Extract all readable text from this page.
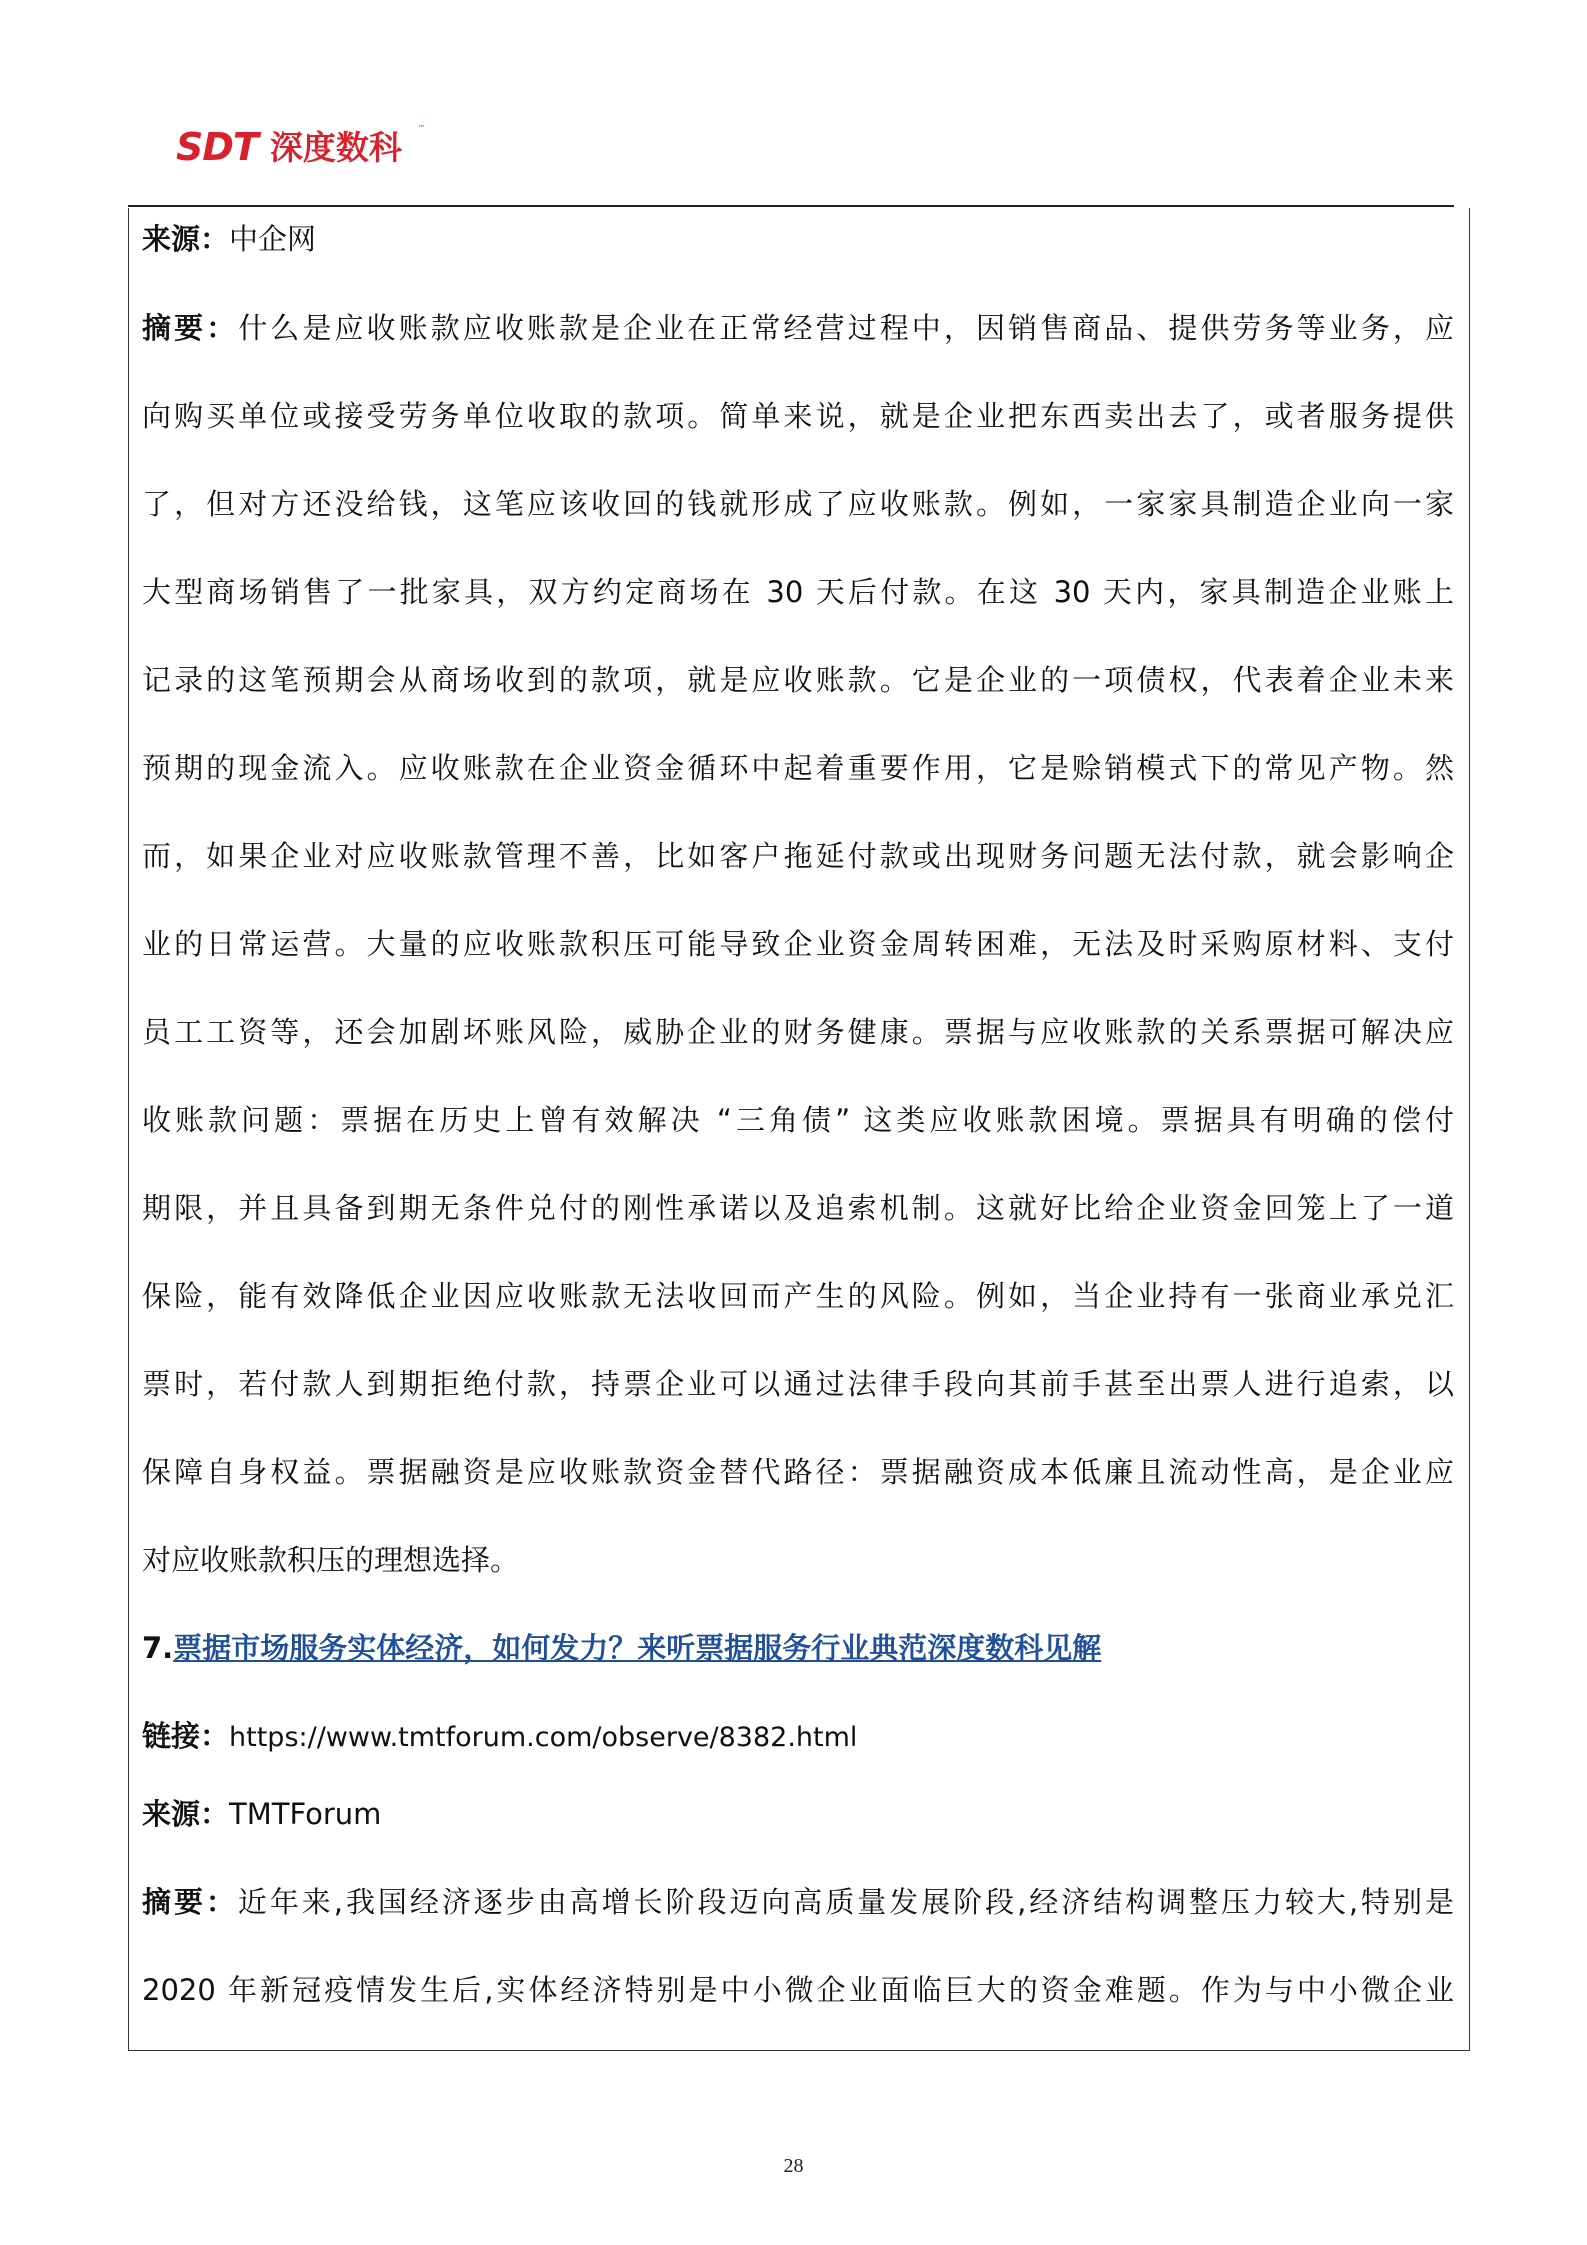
SDT 深度数科 ™
来源：中企网
摘要：什么是应收账款应收账款是企业在正常经营过程中，因销售商品、提供劳务等业务，应
向购买单位或接受劳务单位收取的款项。简单来说，就是企业把东西卖出去了，或者服务提供
了，但对方还没给钱，这笔应该收回的钱就形成了应收账款。例如，一家家具制造企业向一家
大型商场销售了一批家具，双方约定商场在 30 天后付款。在这 30 天内，家具制造企业账上
记录的这笔预期会从商场收到的款项，就是应收账款。它是企业的一项债权，代表着企业未来
预期的现金流入。应收账款在企业资金循环中起着重要作用，它是赊销模式下的常见产物。然
而，如果企业对应收账款管理不善，比如客户拖延付款或出现财务问题无法付款，就会影响企
业的日常运营。大量的应收账款积压可能导致企业资金周转困难，无法及时采购原材料、支付
员工工资等，还会加剧坏账风险，威胁企业的财务健康。票据与应收账款的关系票据可解决应
收账款问题：票据在历史上曾有效解决 “三角债” 这类应收账款困境。票据具有明确的偿付
期限，并且具备到期无条件兑付的刚性承诺以及追索机制。这就好比给企业资金回笼上了一道
保险，能有效降低企业因应收账款无法收回而产生的风险。例如，当企业持有一张商业承兑汇
票时，若付款人到期拒绝付款，持票企业可以通过法律手段向其前手甚至出票人进行追索，以
保障自身权益。票据融资是应收账款资金替代路径：票据融资成本低廉且流动性高，是企业应
对应收账款积压的理想选择。
7.票据市场服务实体经济，如何发力？来听票据服务行业典范深度数科见解
链接：https://www.tmtforum.com/observe/8382.html
来源：TMTForum
摘要：近年来,我国经济逐步由高增长阶段迈向高质量发展阶段,经济结构调整压力较大,特别是
2020 年新冠疫情发生后,实体经济特别是中小微企业面临巨大的资金难题。作为与中小微企业
28
